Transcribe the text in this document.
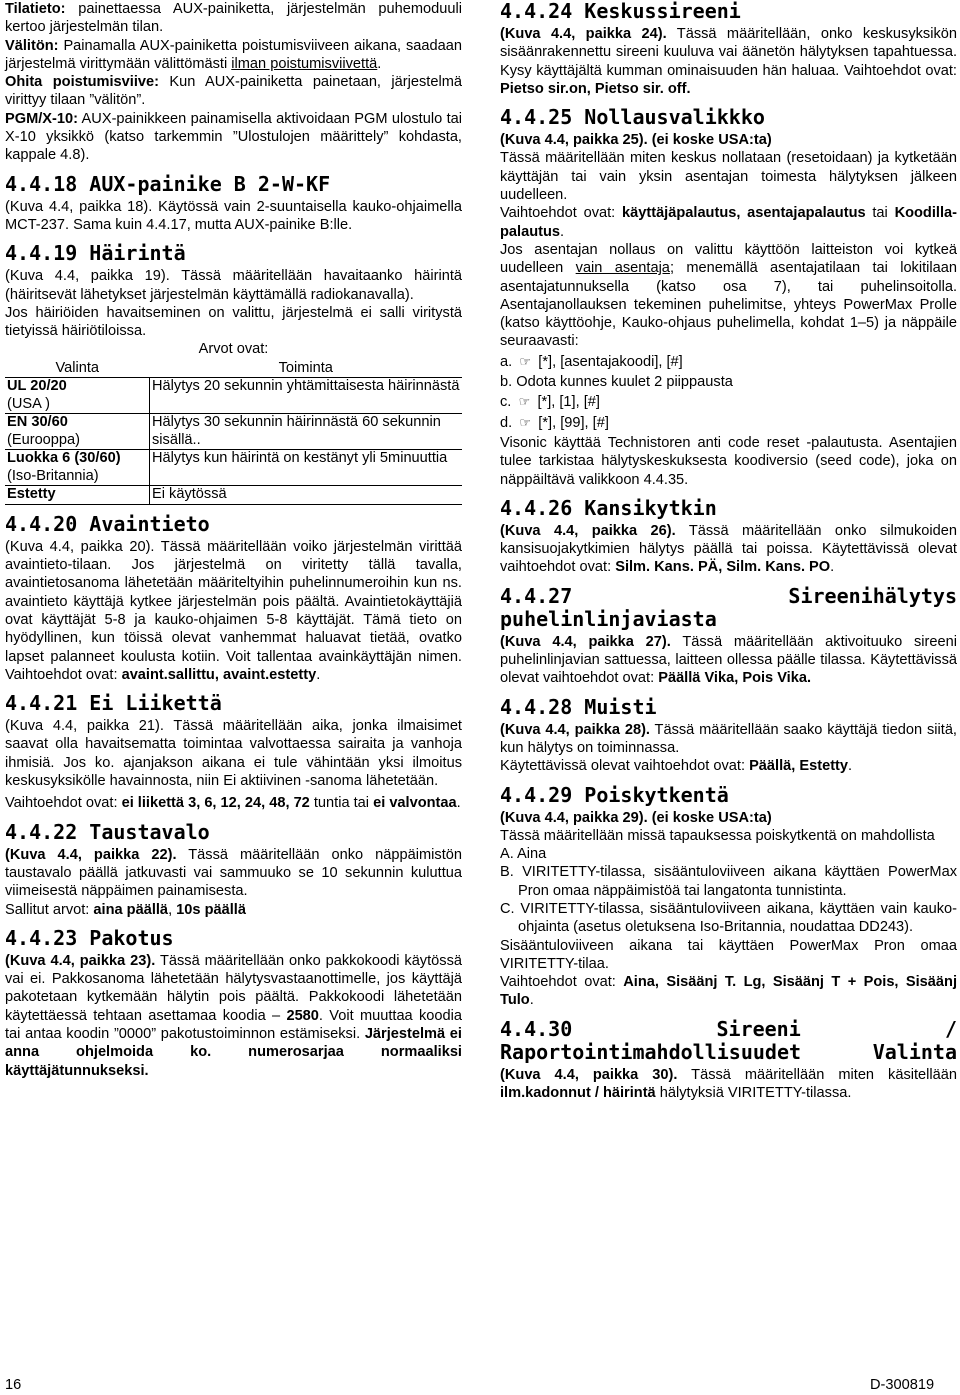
Tilatieto: painettaessa AUX-painiketta, järjestelmän puhemoduuli kertoo järjestelmän tilan.

Välitön: Painamalla AUX-painiketta poistumisviiveen aikana, saadaan järjestelmä virittymään välittömästi ilman poistumisviivettä.

Ohita poistumisviive: Kun AUX-painiketta painetaan, järjestelmä virittyy tilaan ”välitön”.

PGM/X-10: AUX-painikkeen painamisella aktivoidaan PGM ulostulo tai X-10 yksikkö (katso tarkemmin ”Ulostulojen määrittely” kohdasta, kappale 4.8).

4.4.18 AUX-painike B 2-W-KF

(Kuva 4.4, paikka 18). Käytössä vain 2-suuntaisella kauko-ohjaimella MCT-237. Sama kuin 4.4.17, mutta AUX-painike B:lle.

4.4.19 Häirintä

(Kuva 4.4, paikka 19). Tässä määritellään havaitaanko häirintä (häiritsevät lähetykset järjestelmän käyttämällä radiokanavalla).

Jos häiriöiden havaitseminen on valittu, järjestelmä ei salli viritystä tietyissä häiriötiloissa.

Arvot ovat:

Valinta	Toiminta
UL 20/20
(USA )	Hälytys 20 sekunnin yhtämittaisesta häirinnästä
EN 30/60
(Eurooppa)	Hälytys 30 sekunnin häirinnästä 60 sekunnin sisällä..
Luokka 6 (30/60)
(Iso-Britannia)	Hälytys kun häirintä on kestänyt yli 5minuuttia
Estetty	Ei käytössä
4.4.20 Avaintieto

(Kuva 4.4, paikka 20). Tässä määritellään voiko järjestelmän virittää avaintieto-tilaan. Jos järjestelmä on viritetty tällä tavalla, avaintietosanoma lähetetään määriteltyihin puhelinnumeroihin kun ns. avaintieto käyttäjä kytkee järjestelmän pois päältä. Avaintietokäyttäjiä ovat käyttäjät 5-8 ja kauko-ohjaimen 5-8 käyttäjät. Tämä tieto on hyödyllinen, kun töissä olevat vanhemmat haluavat tietää, ovatko lapset palanneet koulusta kotiin. Voit tallentaa avainkäyttäjän nimen. Vaihtoehdot ovat: avaint.sallittu, avaint.estetty.

4.4.21 Ei Liikettä

(Kuva 4.4, paikka 21). Tässä määritellään aika, jonka ilmaisimet saavat olla havaitsematta toimintaa valvottaessa sairaita ja vanhoja ihmisiä. Jos ko. ajanjakson aikana ei tule vähintään yksi ilmoitus keskusyksikölle havainnosta, niin Ei aktiivinen -sanoma lähetetään.

Vaihtoehdot ovat: ei liikettä 3, 6, 12, 24, 48, 72 tuntia tai ei valvontaa.

4.4.22 Taustavalo

(Kuva 4.4, paikka 22). Tässä määritellään onko näppäimistön taustavalo päällä jatkuvasti vai sammuuko se 10 sekunnin kuluttua viimeisestä näppäimen painamisesta.

Sallitut arvot: aina päällä, 10s päällä

4.4.23 Pakotus

(Kuva 4.4, paikka 23). Tässä määritellään onko pakkokoodi käytössä vai ei. Pakkosanoma lähetetään hälytysvastaanottimelle, jos käyttäjä pakotetaan kytkemään hälytin pois päältä. Pakkokoodi lähetetään käytettäessä tehtaan asettamaa koodia – 2580. Voit muuttaa koodia tai antaa koodin ”0000” pakotustoiminnon estämiseksi. Järjestelmä ei anna ohjelmoida ko. numerosarjaa normaaliksi käyttäjätunnukseksi.

4.4.24 Keskussireeni

(Kuva 4.4, paikka 24). Tässä määritellään, onko keskusyksikön sisäänrakennettu sireeni kuuluva vai äänetön hälytyksen tapahtuessa. Kysy käyttäjältä kumman ominaisuuden hän haluaa. Vaihtoehdot ovat: Pietso sir.on, Pietso sir. off.

4.4.25 Nollausvalikkko

(Kuva 4.4, paikka 25). (ei koske USA:ta)

Tässä määritellään miten keskus nollataan (resetoidaan) ja kytketään käyttäjän tai vain yksin asentajan toimesta hälytyksen jälkeen uudelleen.

Vaihtoehdot ovat: käyttäjäpalautus, asentajapalautus tai Koodilla-palautus.

Jos asentajan nollaus on valittu käyttöön laitteiston voi kytkeä uudelleen vain asentaja; menemällä asentajatilaan tai lokitilaan asentajatunnuksella (katso osa 7), tai puhelinsoitolla. Asentajanollauksen tekeminen puhelimitse, yhteys PowerMax Prolle (katso käyttöohje, Kauko-ohjaus puhelimella, kohdat 1–5) ja näppäile seuraavasti:

a. ☞ [*], [asentajakoodi], [#]

b. Odota kunnes kuulet 2 piippausta

c. ☞ [*], [1], [#]

d. ☞ [*], [99], [#]

Visonic käyttää Technistoren anti code reset -palautusta. Asentajien tulee tarkistaa hälytyskeskuksesta koodiversio (seed code), joka on näppäiltävä valikkoon 4.4.35.

4.4.26 Kansikytkin

(Kuva 4.4, paikka 26). Tässä määritellään onko silmukoiden kansisuojakytkimien hälytys päällä tai poissa. Käytettävissä olevat vaihtoehdot ovat: Silm. Kans. PÄ, Silm. Kans. PO.

4.4.27 Sireenihälytys puhelinlinjaviasta

(Kuva 4.4, paikka 27). Tässä määritellään aktivoituuko sireeni puhelinlinjavian sattuessa, laitteen ollessa päälle tilassa. Käytettävissä olevat vaihtoehdot ovat: Päällä Vika, Pois Vika.

4.4.28 Muisti

(Kuva 4.4, paikka 28). Tässä määritellään saako käyttäjä tiedon siitä, kun hälytys on toiminnassa.

Käytettävissä olevat vaihtoehdot ovat: Päällä, Estetty.

4.4.29 Poiskytkentä

(Kuva 4.4, paikka 29). (ei koske USA:ta)

Tässä määritellään missä tapauksessa poiskytkentä on mahdollista

A. Aina

B. VIRITETTY-tilassa, sisääntuloviiveen aikana käyttäen PowerMax Pron omaa näppäimistöä tai langatonta tunnistinta.

C. VIRITETTY-tilassa, sisääntuloviiveen aikana, käyttäen vain kauko-ohjainta (asetus oletuksena Iso-Britannia, noudattaa DD243).

Sisääntuloviiveen aikana tai käyttäen PowerMax Pron omaa VIRITETTY-tilaa.

Vaihtoehdot ovat: Aina, Sisäänj T. Lg, Sisäänj T + Pois, Sisäänj Tulo.

4.4.30 Sireeni / Raportointimahdollisuudet Valinta

(Kuva 4.4, paikka 30). Tässä määritellään miten käsitellään ilm.kadonnut / häirintä hälytyksiä VIRITETTY-tilassa.

16	D-300819
